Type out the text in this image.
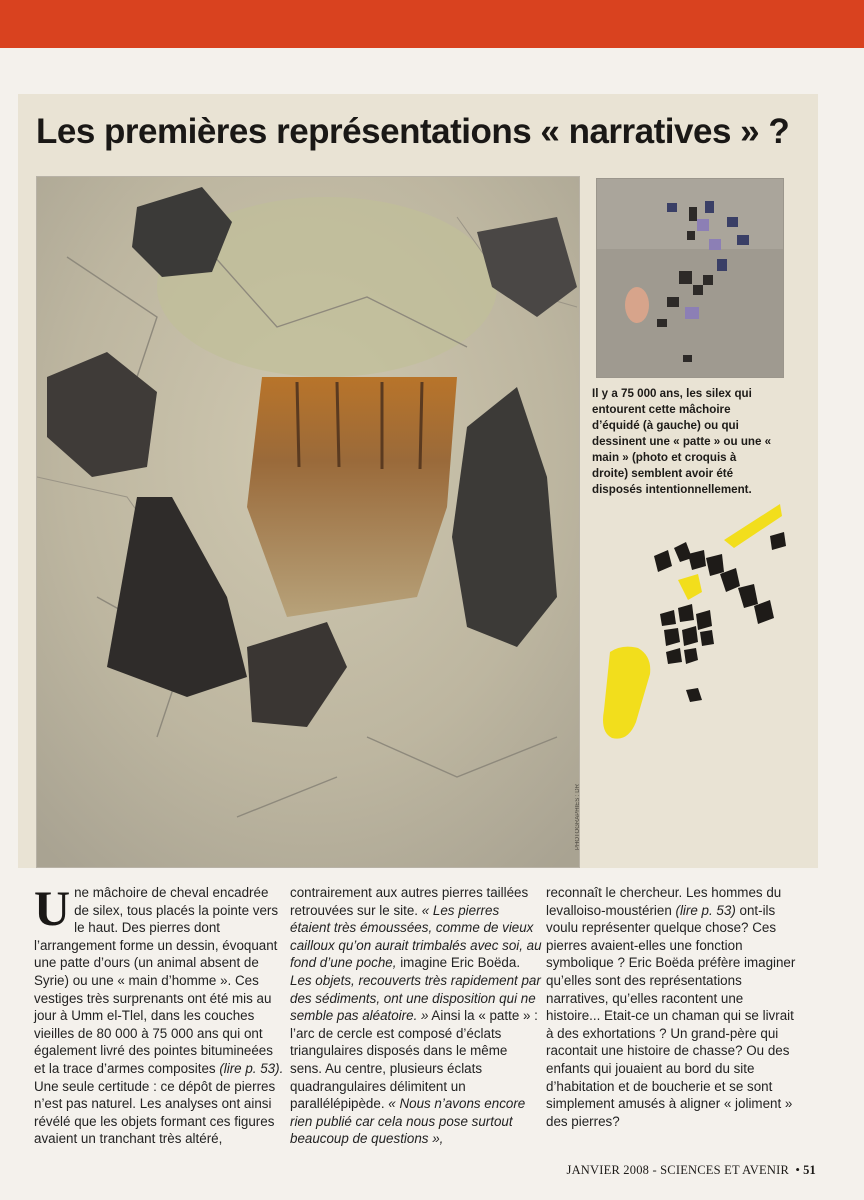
Les premières représentations « narratives » ?
PHOTOGRAPHIES : DR

Il y a 75 000 ans, les silex qui entourent cette mâchoire d’équidé (à gauche) ou qui dessinent une « patte » ou une « main » (photo et croquis à droite) semblent avoir été disposés intentionnellement.

Une mâchoire de cheval encadrée de silex, tous placés la pointe vers le haut. Des pierres dont l’arrangement forme un dessin, évoquant une patte d’ours (un animal absent de Syrie) ou une « main d’homme ». Ces vestiges très surprenants ont été mis au jour à Umm el-Tlel, dans les couches vieilles de 80 000 à 75 000 ans qui ont également livré des pointes bitumineées et la trace d’armes composites (lire p. 53). Une seule certitude : ce dépôt de pierres n’est pas naturel. Les analyses ont ainsi révélé que les objets formant ces figures avaient un tranchant très altéré,

contrairement aux autres pierres taillées retrouvées sur le site. « Les pierres étaient très émoussées, comme de vieux cailloux qu’on aurait trimbalés avec soi, au fond d’une poche, imagine Eric Boëda. Les objets, recouverts très rapidement par des sédiments, ont une disposition qui ne semble pas aléatoire. » Ainsi la « patte » : l’arc de cercle est composé d’éclats triangulaires disposés dans le même sens. Au centre, plusieurs éclats quadrangulaires délimitent un parallélépipède. « Nous n’avons encore rien publié car cela nous pose surtout beaucoup de questions »,

reconnaît le chercheur. Les hommes du levalloiso-moustérien (lire p. 53) ont-ils voulu représenter quelque chose? Ces pierres avaient-elles une fonction symbolique ? Eric Boëda préfère imaginer qu’elles sont des représentations narratives, qu’elles racontent une histoire... Etait-ce un chaman qui se livrait à des exhortations ? Un grand-père qui racontait une histoire de chasse? Ou des enfants qui jouaient au bord du site d’habitation et de boucherie et se sont simplement amusés à aligner « joliment » des pierres?

JANVIER 2008 - SCIENCES ET AVENIR • 51
